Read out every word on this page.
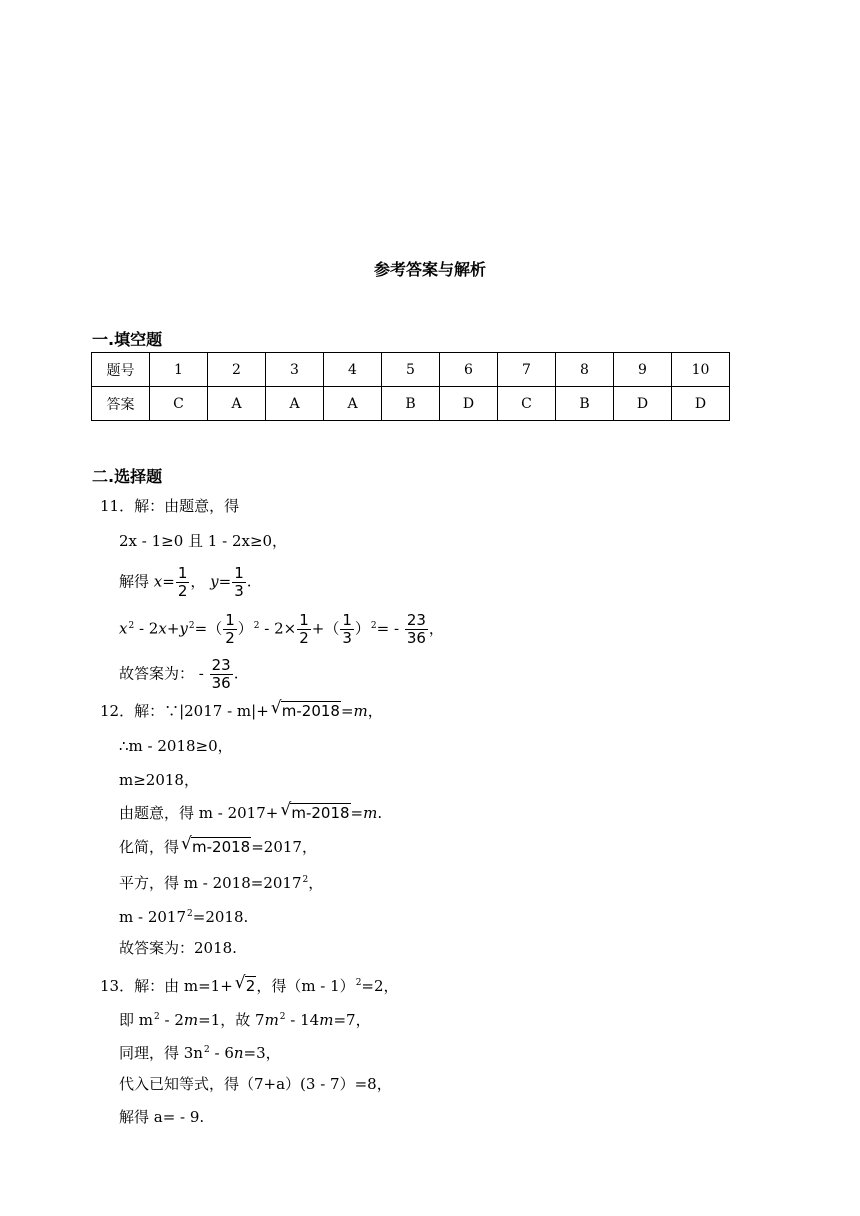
参考答案与解析
一.填空题
题号	1	2	3	4	5	6	7	8	9	10
答案	C	A	A	A	B	D	C	B	D	D
二.选择题
11．解：由题意，得
2x - 1≥0 且 1 - 2x≥0，
解得 $x= \frac{1}{2}$ ， $y= \frac{1}{3}$ .
$x^2 - 2x+y^2=( \frac{1}{2} )^2 - 2\times \frac{1}{2}$ +（ $\frac{1}{3} )^2= - \frac{23}{36}$ ，
故答案为： - $\frac{23}{36}$ .
12．解：∵|2017 - m|+ √ m-2018=m，
∴m - 2018≥0，
m≥2018，
由题意，得 m - 2017+ √ m-2018=m.
化简，得 √ m-2018=2017，
平方，得 $m - 2018=2017^2$，
$m - 2017^2=2018$.
故答案为：2018.
13．解：由 m=1+ √ 2，得（m - 1）$^2$=2，
即 $m^2 - 2m=1$，故 $7m^2 - 14m=7$，
同理，得 $3n^2 - 6n=3$，
代入已知等式，得（7+a）(3 - 7）=8，
解得 a= - 9.
